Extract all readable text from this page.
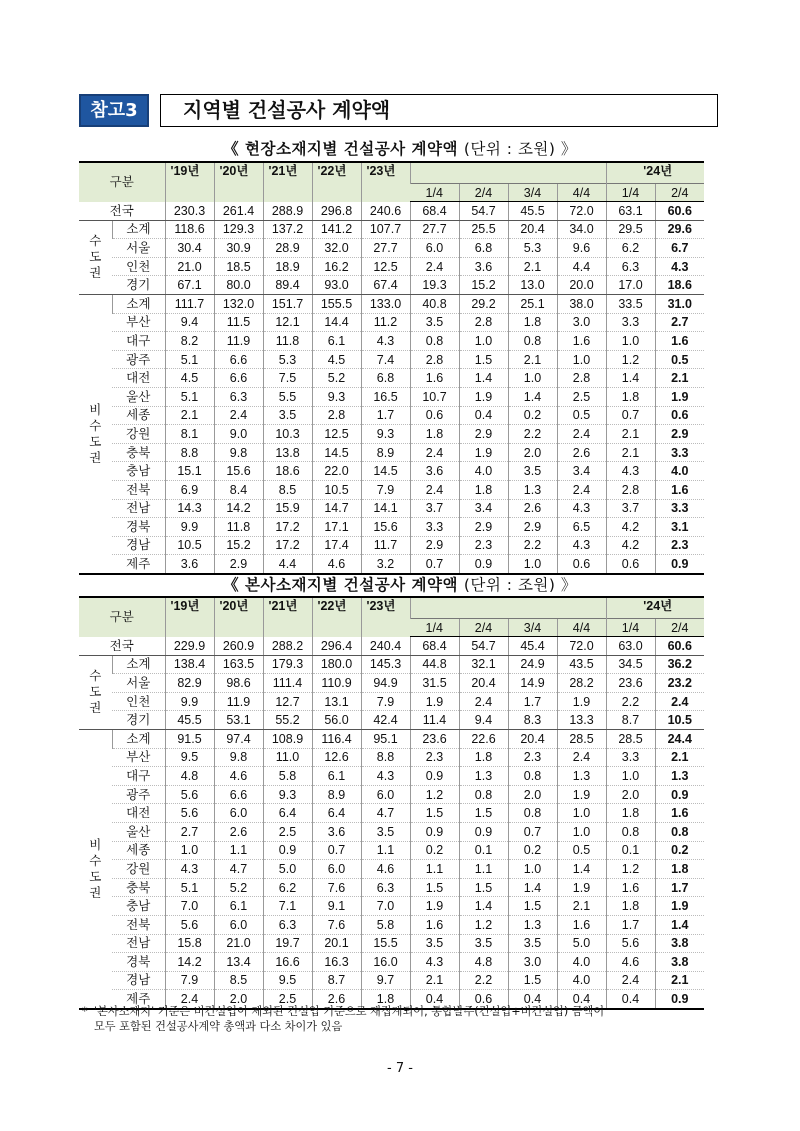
참고3	지역별 건설공사 계약액
《 현장소재지별 건설공사 계약액 (단위 : 조원) 》
구분		'19년	'20년	'21년	'22년	'23년					'24년	
							1/4	2/4	3/4	4/4	1/4	2/4
전국		230.3	261.4	288.9	296.8	240.6	68.4	54.7	45.5	72.0	63.1	60.6
수
도
권	소계	118.6	129.3	137.2	141.2	107.7	27.7	25.5	20.4	34.0	29.5	29.6
	서울	30.4	30.9	28.9	32.0	27.7	6.0	6.8	5.3	9.6	6.2	6.7
	인천	21.0	18.5	18.9	16.2	12.5	2.4	3.6	2.1	4.4	6.3	4.3
	경기	67.1	80.0	89.4	93.0	67.4	19.3	15.2	13.0	20.0	17.0	18.6
비
수
도
권	소계	111.7	132.0	151.7	155.5	133.0	40.8	29.2	25.1	38.0	33.5	31.0
	부산	9.4	11.5	12.1	14.4	11.2	3.5	2.8	1.8	3.0	3.3	2.7
	대구	8.2	11.9	11.8	6.1	4.3	0.8	1.0	0.8	1.6	1.0	1.6
	광주	5.1	6.6	5.3	4.5	7.4	2.8	1.5	2.1	1.0	1.2	0.5
	대전	4.5	6.6	7.5	5.2	6.8	1.6	1.4	1.0	2.8	1.4	2.1
	울산	5.1	6.3	5.5	9.3	16.5	10.7	1.9	1.4	2.5	1.8	1.9
	세종	2.1	2.4	3.5	2.8	1.7	0.6	0.4	0.2	0.5	0.7	0.6
	강원	8.1	9.0	10.3	12.5	9.3	1.8	2.9	2.2	2.4	2.1	2.9
	충북	8.8	9.8	13.8	14.5	8.9	2.4	1.9	2.0	2.6	2.1	3.3
	충남	15.1	15.6	18.6	22.0	14.5	3.6	4.0	3.5	3.4	4.3	4.0
	전북	6.9	8.4	8.5	10.5	7.9	2.4	1.8	1.3	2.4	2.8	1.6
	전남	14.3	14.2	15.9	14.7	14.1	3.7	3.4	2.6	4.3	3.7	3.3
	경북	9.9	11.8	17.2	17.1	15.6	3.3	2.9	2.9	6.5	4.2	3.1
	경남	10.5	15.2	17.2	17.4	11.7	2.9	2.3	2.2	4.3	4.2	2.3
	제주	3.6	2.9	4.4	4.6	3.2	0.7	0.9	1.0	0.6	0.6	0.9
《 본사소재지별 건설공사 계약액 (단위 : 조원) 》
구분		'19년	'20년	'21년	'22년	'23년					'24년	
							1/4	2/4	3/4	4/4	1/4	2/4
전국		229.9	260.9	288.2	296.4	240.4	68.4	54.7	45.4	72.0	63.0	60.6
수
도
권	소계	138.4	163.5	179.3	180.0	145.3	44.8	32.1	24.9	43.5	34.5	36.2
	서울	82.9	98.6	111.4	110.9	94.9	31.5	20.4	14.9	28.2	23.6	23.2
	인천	9.9	11.9	12.7	13.1	7.9	1.9	2.4	1.7	1.9	2.2	2.4
	경기	45.5	53.1	55.2	56.0	42.4	11.4	9.4	8.3	13.3	8.7	10.5
비
수
도
권	소계	91.5	97.4	108.9	116.4	95.1	23.6	22.6	20.4	28.5	28.5	24.4
	부산	9.5	9.8	11.0	12.6	8.8	2.3	1.8	2.3	2.4	3.3	2.1
	대구	4.8	4.6	5.8	6.1	4.3	0.9	1.3	0.8	1.3	1.0	1.3
	광주	5.6	6.6	9.3	8.9	6.0	1.2	0.8	2.0	1.9	2.0	0.9
	대전	5.6	6.0	6.4	6.4	4.7	1.5	1.5	0.8	1.0	1.8	1.6
	울산	2.7	2.6	2.5	3.6	3.5	0.9	0.9	0.7	1.0	0.8	0.8
	세종	1.0	1.1	0.9	0.7	1.1	0.2	0.1	0.2	0.5	0.1	0.2
	강원	4.3	4.7	5.0	6.0	4.6	1.1	1.1	1.0	1.4	1.2	1.8
	충북	5.1	5.2	6.2	7.6	6.3	1.5	1.5	1.4	1.9	1.6	1.7
	충남	7.0	6.1	7.1	9.1	7.0	1.9	1.4	1.5	2.1	1.8	1.9
	전북	5.6	6.0	6.3	7.6	5.8	1.6	1.2	1.3	1.6	1.7	1.4
	전남	15.8	21.0	19.7	20.1	15.5	3.5	3.5	3.5	5.0	5.6	3.8
	경북	14.2	13.4	16.6	16.3	16.0	4.3	4.8	3.0	4.0	4.6	3.8
	경남	7.9	8.5	9.5	8.7	9.7	2.1	2.2	1.5	4.0	2.4	2.1
	제주	2.4	2.0	2.5	2.6	1.8	0.4	0.6	0.4	0.4	0.4	0.9
* '본사소재지' 기준은 비건설업이 제외된 건설업 기준으로 재집계되어, 통합발주(건설업+비건설업) 금액이
모두 포함된 건설공사계약 총액과 다소 차이가 있음
- 7 -
